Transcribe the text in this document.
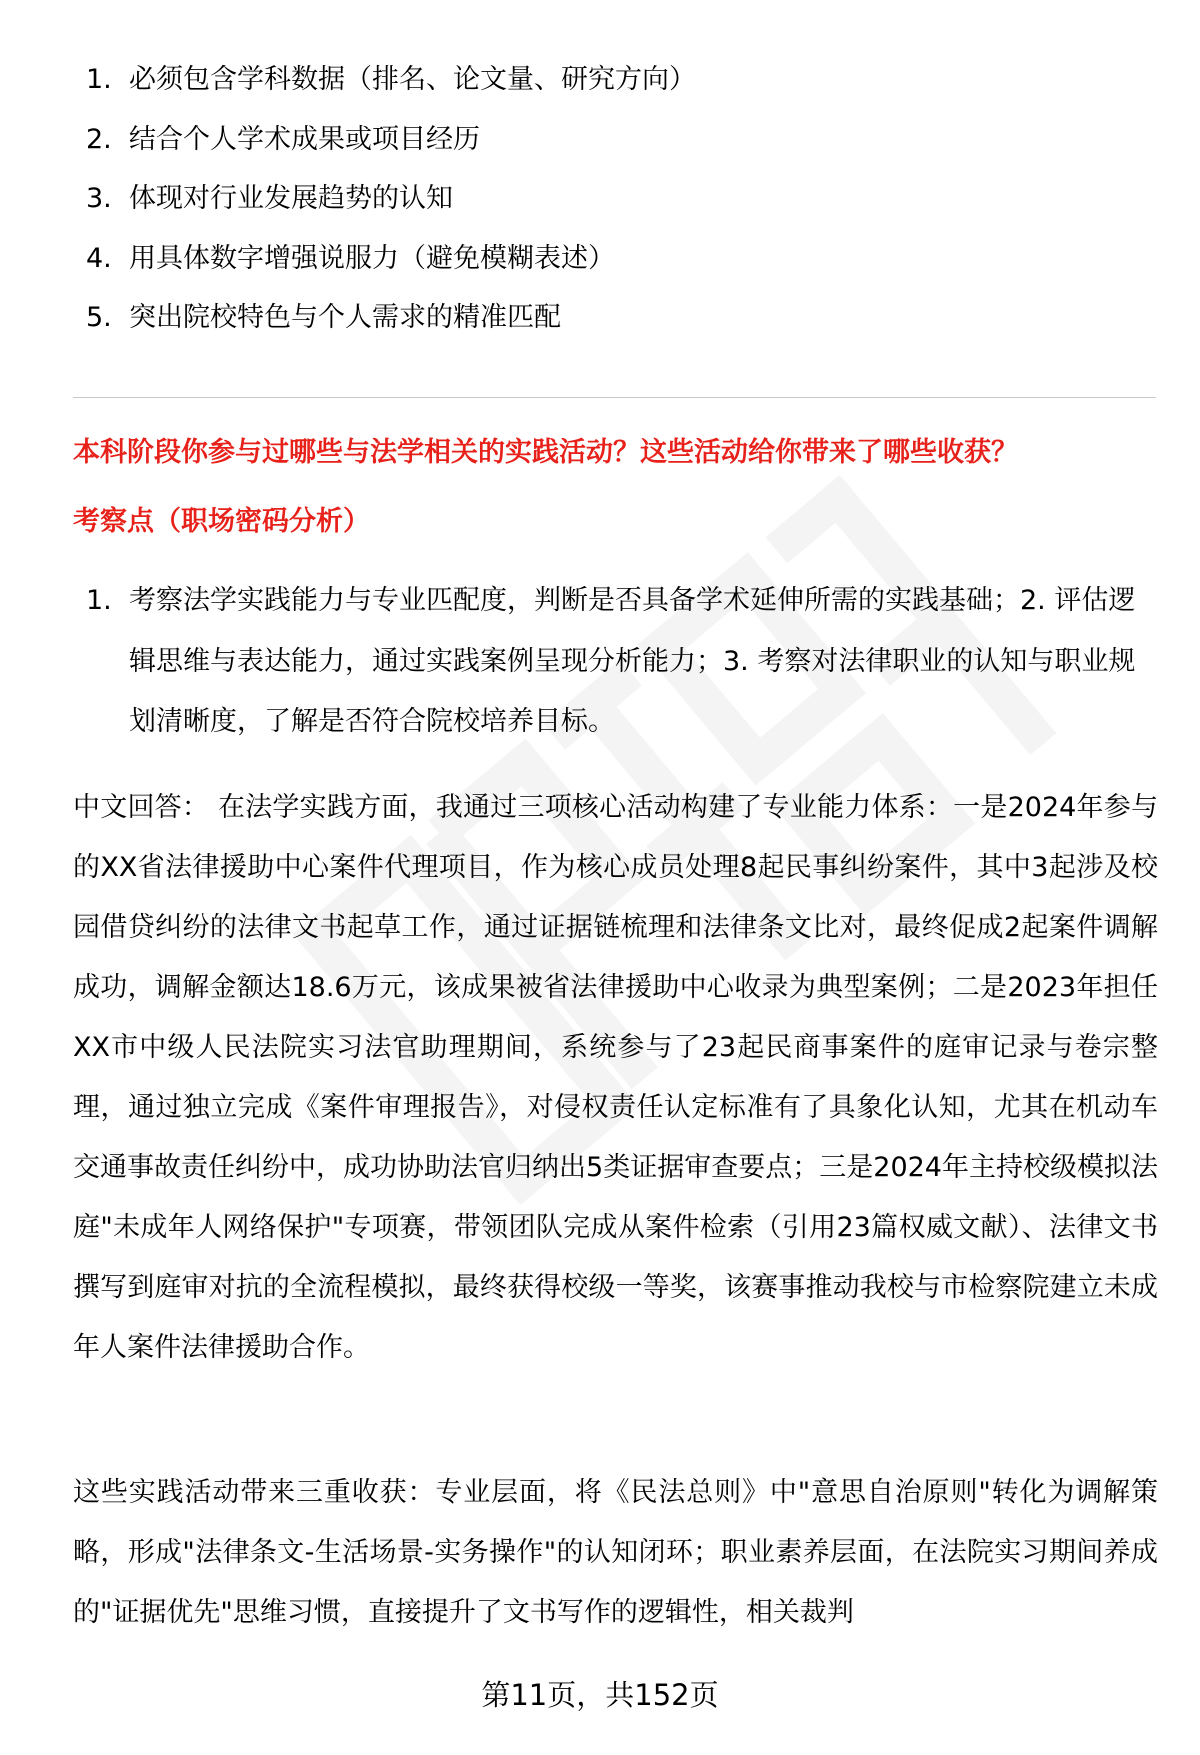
1. 必须包含学科数据（排名、论文量、研究方向）
2. 结合个人学术成果或项目经历
3. 体现对行业发展趋势的认知
4. 用具体数字增强说服力（避免模糊表述）
5. 突出院校特色与个人需求的精准匹配
本科阶段你参与过哪些与法学相关的实践活动？这些活动给你带来了哪些收获？
考察点（职场密码分析）
1. 考察法学实践能力与专业匹配度，判断是否具备学术延伸所需的实践基础；2. 评估逻辑思维与表达能力，通过实践案例呈现分析能力；3. 考察对法律职业的认知与职业规划清晰度，了解是否符合院校培养目标。

中文回答： 在法学实践方面，我通过三项核心活动构建了专业能力体系：一是2024年参与的XX省法律援助中心案件代理项目，作为核心成员处理8起民事纠纷案件，其中3起涉及校园借贷纠纷的法律文书起草工作，通过证据链梳理和法律条文比对，最终促成2起案件调解成功，调解金额达18.6万元，该成果被省法律援助中心收录为典型案例；二是2023年担任XX市中级人民法院实习法官助理期间，系统参与了23起民商事案件的庭审记录与卷宗整理，通过独立完成《案件审理报告》，对侵权责任认定标准有了具象化认知，尤其在机动车交通事故责任纠纷中，成功协助法官归纳出5类证据审查要点；三是2024年主持校级模拟法庭"未成年人网络保护"专项赛，带领团队完成从案件检索（引用23篇权威文献）、法律文书撰写到庭审对抗的全流程模拟，最终获得校级一等奖，该赛事推动我校与市检察院建立未成年人案件法律援助合作。

这些实践活动带来三重收获：专业层面，将《民法总则》中"意思自治原则"转化为调解策略，形成"法律条文-生活场景-实务操作"的认知闭环；职业素养层面，在法院实习期间养成的"证据优先"思维习惯，直接提升了文书写作的逻辑性，相关裁判

第11页，共152页
